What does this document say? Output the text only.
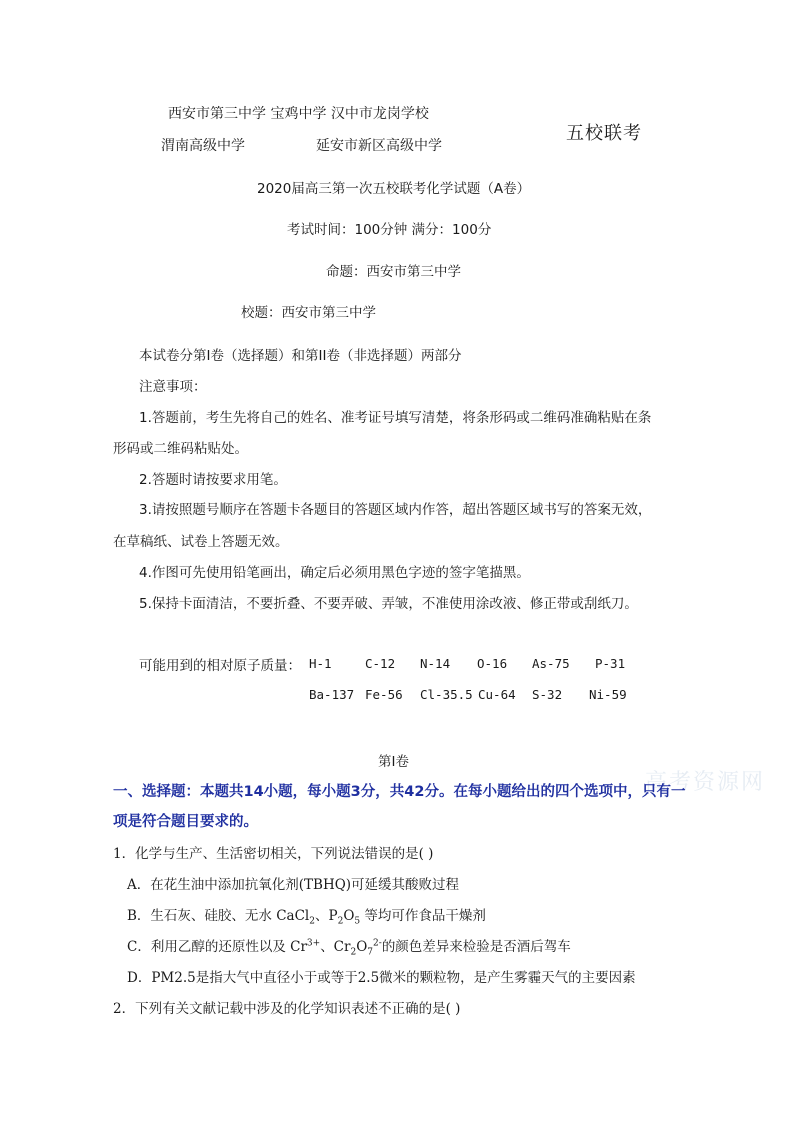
西安市第三中学 宝鸡中学 汉中市龙岗学校
渭南高级中学	延安市新区高级中学
五校联考
2020届高三第一次五校联考化学试题（A卷）
考试时间：100分钟 满分：100分
命题：西安市第三中学
校题：西安市第三中学
本试卷分第I卷（选择题）和第II卷（非选择题）两部分
注意事项：
1.答题前，考生先将自己的姓名、准考证号填写清楚，将条形码或二维码准确粘贴在条
形码或二维码粘贴处。
2.答题时请按要求用笔。
3.请按照题号顺序在答题卡各题目的答题区域内作答，超出答题区域书写的答案无效，
在草稿纸、试卷上答题无效。
4.作图可先使用铅笔画出，确定后必须用黑色字迹的签字笔描黑。
5.保持卡面清洁，不要折叠、不要弄破、弄皱，不准使用涂改液、修正带或刮纸刀。
可能用到的相对原子质量： H-1	C-12 N-14 O-16 As-75 P-31
Ba-137 Fe-56 Cl-35.5 Cu-64 S-32 Ni-59
第I卷
高考资源网
一、选择题：本题共14小题，每小题3分，共42分。在每小题给出的四个选项中，只有一
项是符合题目要求的。
1．化学与生产、生活密切相关，下列说法错误的是( )
A．在花生油中添加抗氧化剂(TBHQ)可延缓其酸败过程
B．生石灰、硅胶、无水 CaCl$_2$、$P_2O_5$ 等均可作食品干燥剂
C．利用乙醇的还原性以及 $Cr^{3+}$、$Cr_2O_7^{2-}$的颜色差异来检验是否酒后驾车
D．PM2.5是指大气中直径小于或等于2.5微米的颗粒物，是产生雾霾天气的主要因素
2．下列有关文献记载中涉及的化学知识表述不正确的是( )
